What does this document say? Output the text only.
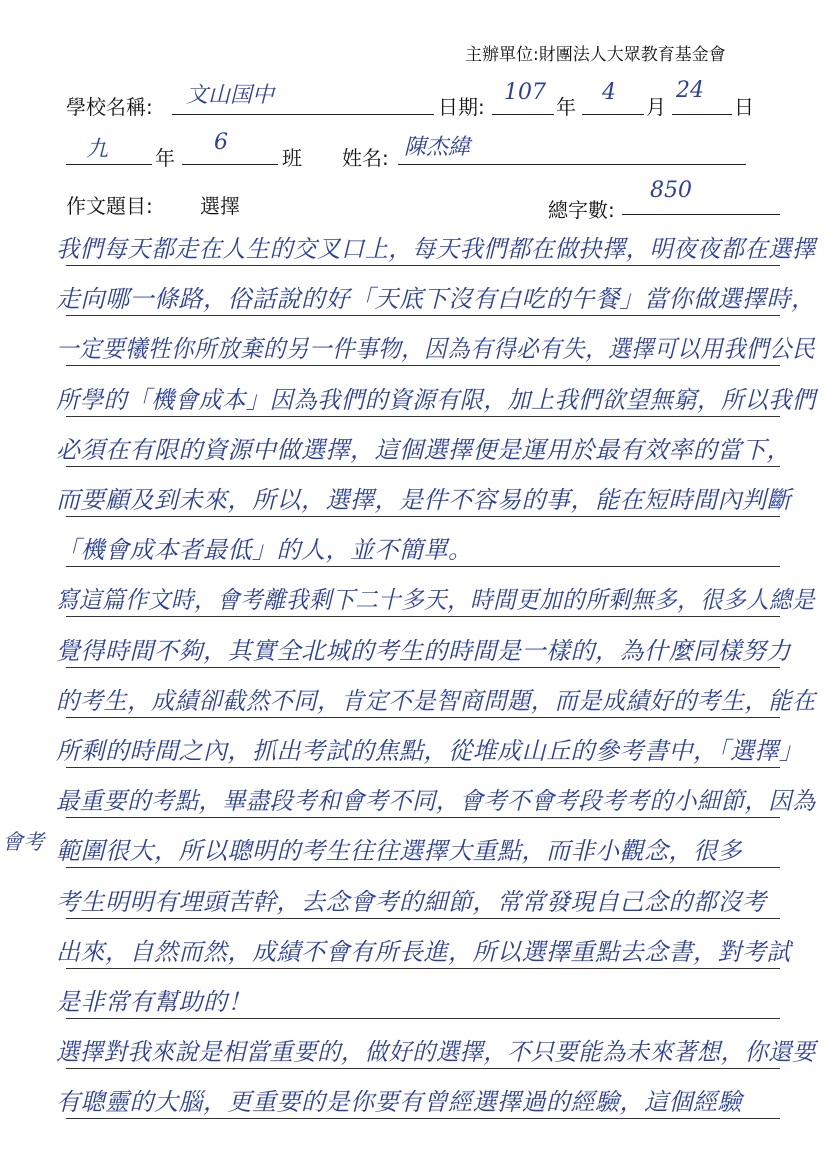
主辦單位:財團法人大眾教育基金會
學校名稱: 文山国中	日期:
107
年
4
月
24
日
九 年
6
班 姓名: 陳杰緯
作文題目: 選擇	總字數:
850
會考
我們每天都走在人生的交叉口上，每天我們都在做抉擇，明夜夜都在選擇
走向哪一條路，俗話說的好「天底下沒有白吃的午餐」當你做選擇時，
一定要犧牲你所放棄的另一件事物，因為有得必有失，選擇可以用我們公民
所學的「機會成本」因為我們的資源有限，加上我們欲望無窮，所以我們
必須在有限的資源中做選擇，這個選擇便是運用於最有效率的當下，
而要顧及到未來，所以，選擇，是件不容易的事，能在短時間內判斷
「機會成本者最低」的人，並不簡單。
寫這篇作文時，會考離我剩下二十多天，時間更加的所剩無多，很多人總是
覺得時間不夠，其實全北城的考生的時間是一樣的，為什麼同樣努力
的考生，成績卻截然不同，肯定不是智商問題，而是成績好的考生，能在
所剩的時間之內，抓出考試的焦點，從堆成山丘的參考書中，「選擇」
最重要的考點，畢盡段考和會考不同，會考不會考段考考的小細節，因為
範圍很大，所以聰明的考生往往選擇大重點，而非小觀念，很多
考生明明有埋頭苦幹，去念會考的細節，常常發現自己念的都沒考
出來，自然而然，成績不會有所長進，所以選擇重點去念書，對考試
是非常有幫助的！
選擇對我來說是相當重要的，做好的選擇，不只要能為未來著想，你還要
有聰靈的大腦，更重要的是你要有曾經選擇過的經驗，這個經驗
